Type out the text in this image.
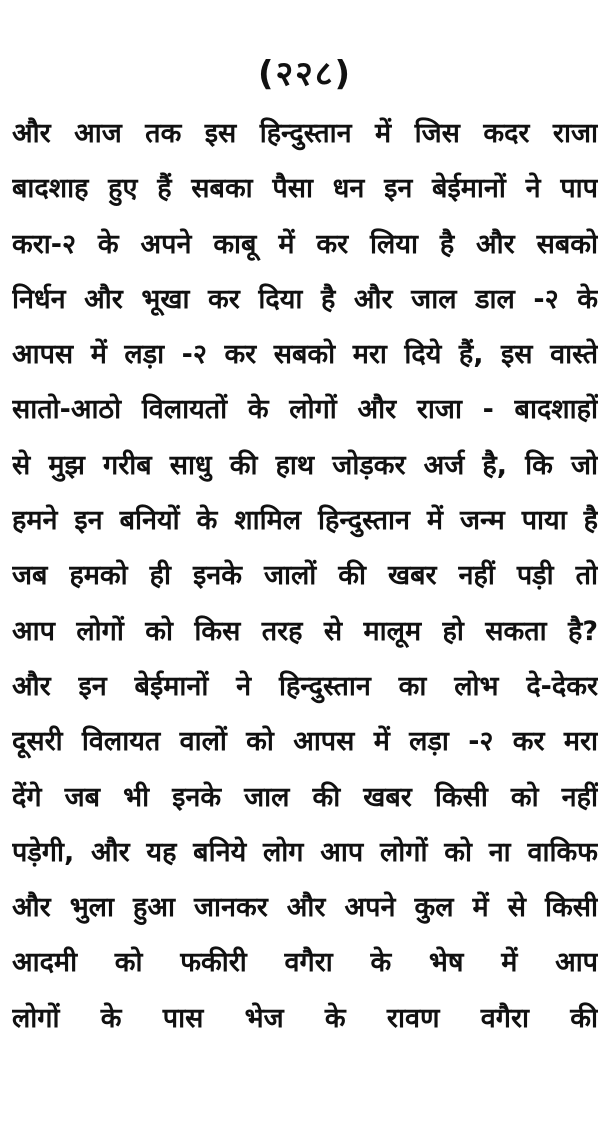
(२२८)
और आज तक इस हिन्दुस्तान में जिस कदर राजा
बादशाह हुए हैं सबका पैसा धन इन बेईमानों ने पाप
करा-२ के अपने काबू में कर लिया है और सबको
निर्धन और भूखा कर दिया है और जाल डाल -२ के
आपस में लड़ा -२ कर सबको मरा दिये हैं, इस वास्ते
सातो-आठो विलायतों के लोगों और राजा - बादशाहों
से मुझ गरीब साधु की हाथ जोड़कर अर्ज है, कि जो
हमने इन बनियों के शामिल हिन्दुस्तान में जन्म पाया है
जब हमको ही इनके जालों की खबर नहीं पड़ी तो
आप लोगों को किस तरह से मालूम हो सकता है?
और इन बेईमानों ने हिन्दुस्तान का लोभ दे-देकर
दूसरी विलायत वालों को आपस में लड़ा -२ कर मरा
देंगे जब भी इनके जाल की खबर किसी को नहीं
पड़ेगी, और यह बनिये लोग आप लोगों को ना वाकिफ
और भुला हुआ जानकर और अपने कुल में से किसी
आदमी को फकीरी वगैरा के भेष में आप
लोगों के पास भेज के रावण वगैरा की
